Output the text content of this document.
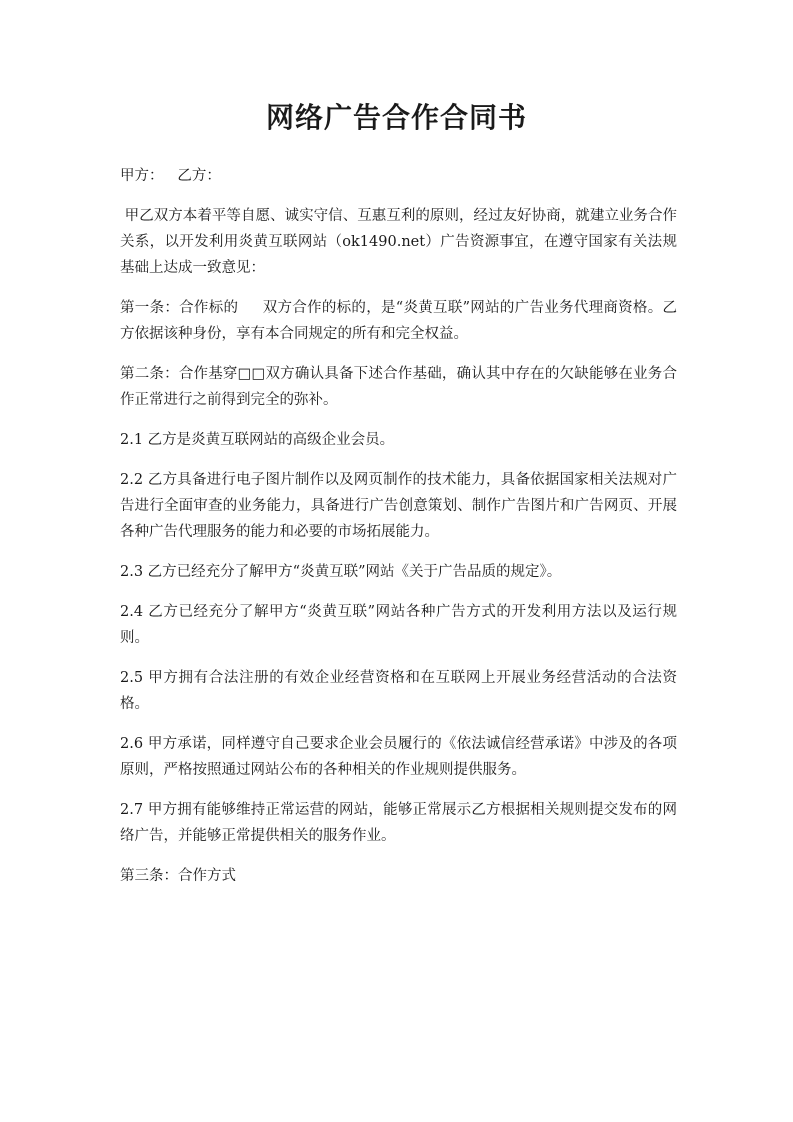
网络广告合作合同书

甲方：   乙方：

甲乙双方本着平等自愿、诚实守信、互惠互利的原则，经过友好协商，就建立业务合作关系，以开发利用炎黄互联网站（ok1490.net）广告资源事宜，在遵守国家有关法规基础上达成一致意见：

第一条：合作标的     双方合作的标的，是“炎黄互联”网站的广告业务代理商资格。乙方依据该种身份，享有本合同规定的所有和完全权益。

第二条：合作基穿□□双方确认具备下述合作基础，确认其中存在的欠缺能够在业务合作正常进行之前得到完全的弥补。

2.1 乙方是炎黄互联网站的高级企业会员。

2.2 乙方具备进行电子图片制作以及网页制作的技术能力，具备依据国家相关法规对广告进行全面审查的业务能力，具备进行广告创意策划、制作广告图片和广告网页、开展各种广告代理服务的能力和必要的市场拓展能力。

2.3 乙方已经充分了解甲方“炎黄互联”网站《关于广告品质的规定》。

2.4 乙方已经充分了解甲方“炎黄互联”网站各种广告方式的开发利用方法以及运行规则。

2.5 甲方拥有合法注册的有效企业经营资格和在互联网上开展业务经营活动的合法资格。

2.6 甲方承诺，同样遵守自己要求企业会员履行的《依法诚信经营承诺》中涉及的各项原则，严格按照通过网站公布的各种相关的作业规则提供服务。

2.7 甲方拥有能够维持正常运营的网站，能够正常展示乙方根据相关规则提交发布的网络广告，并能够正常提供相关的服务作业。

第三条：合作方式
